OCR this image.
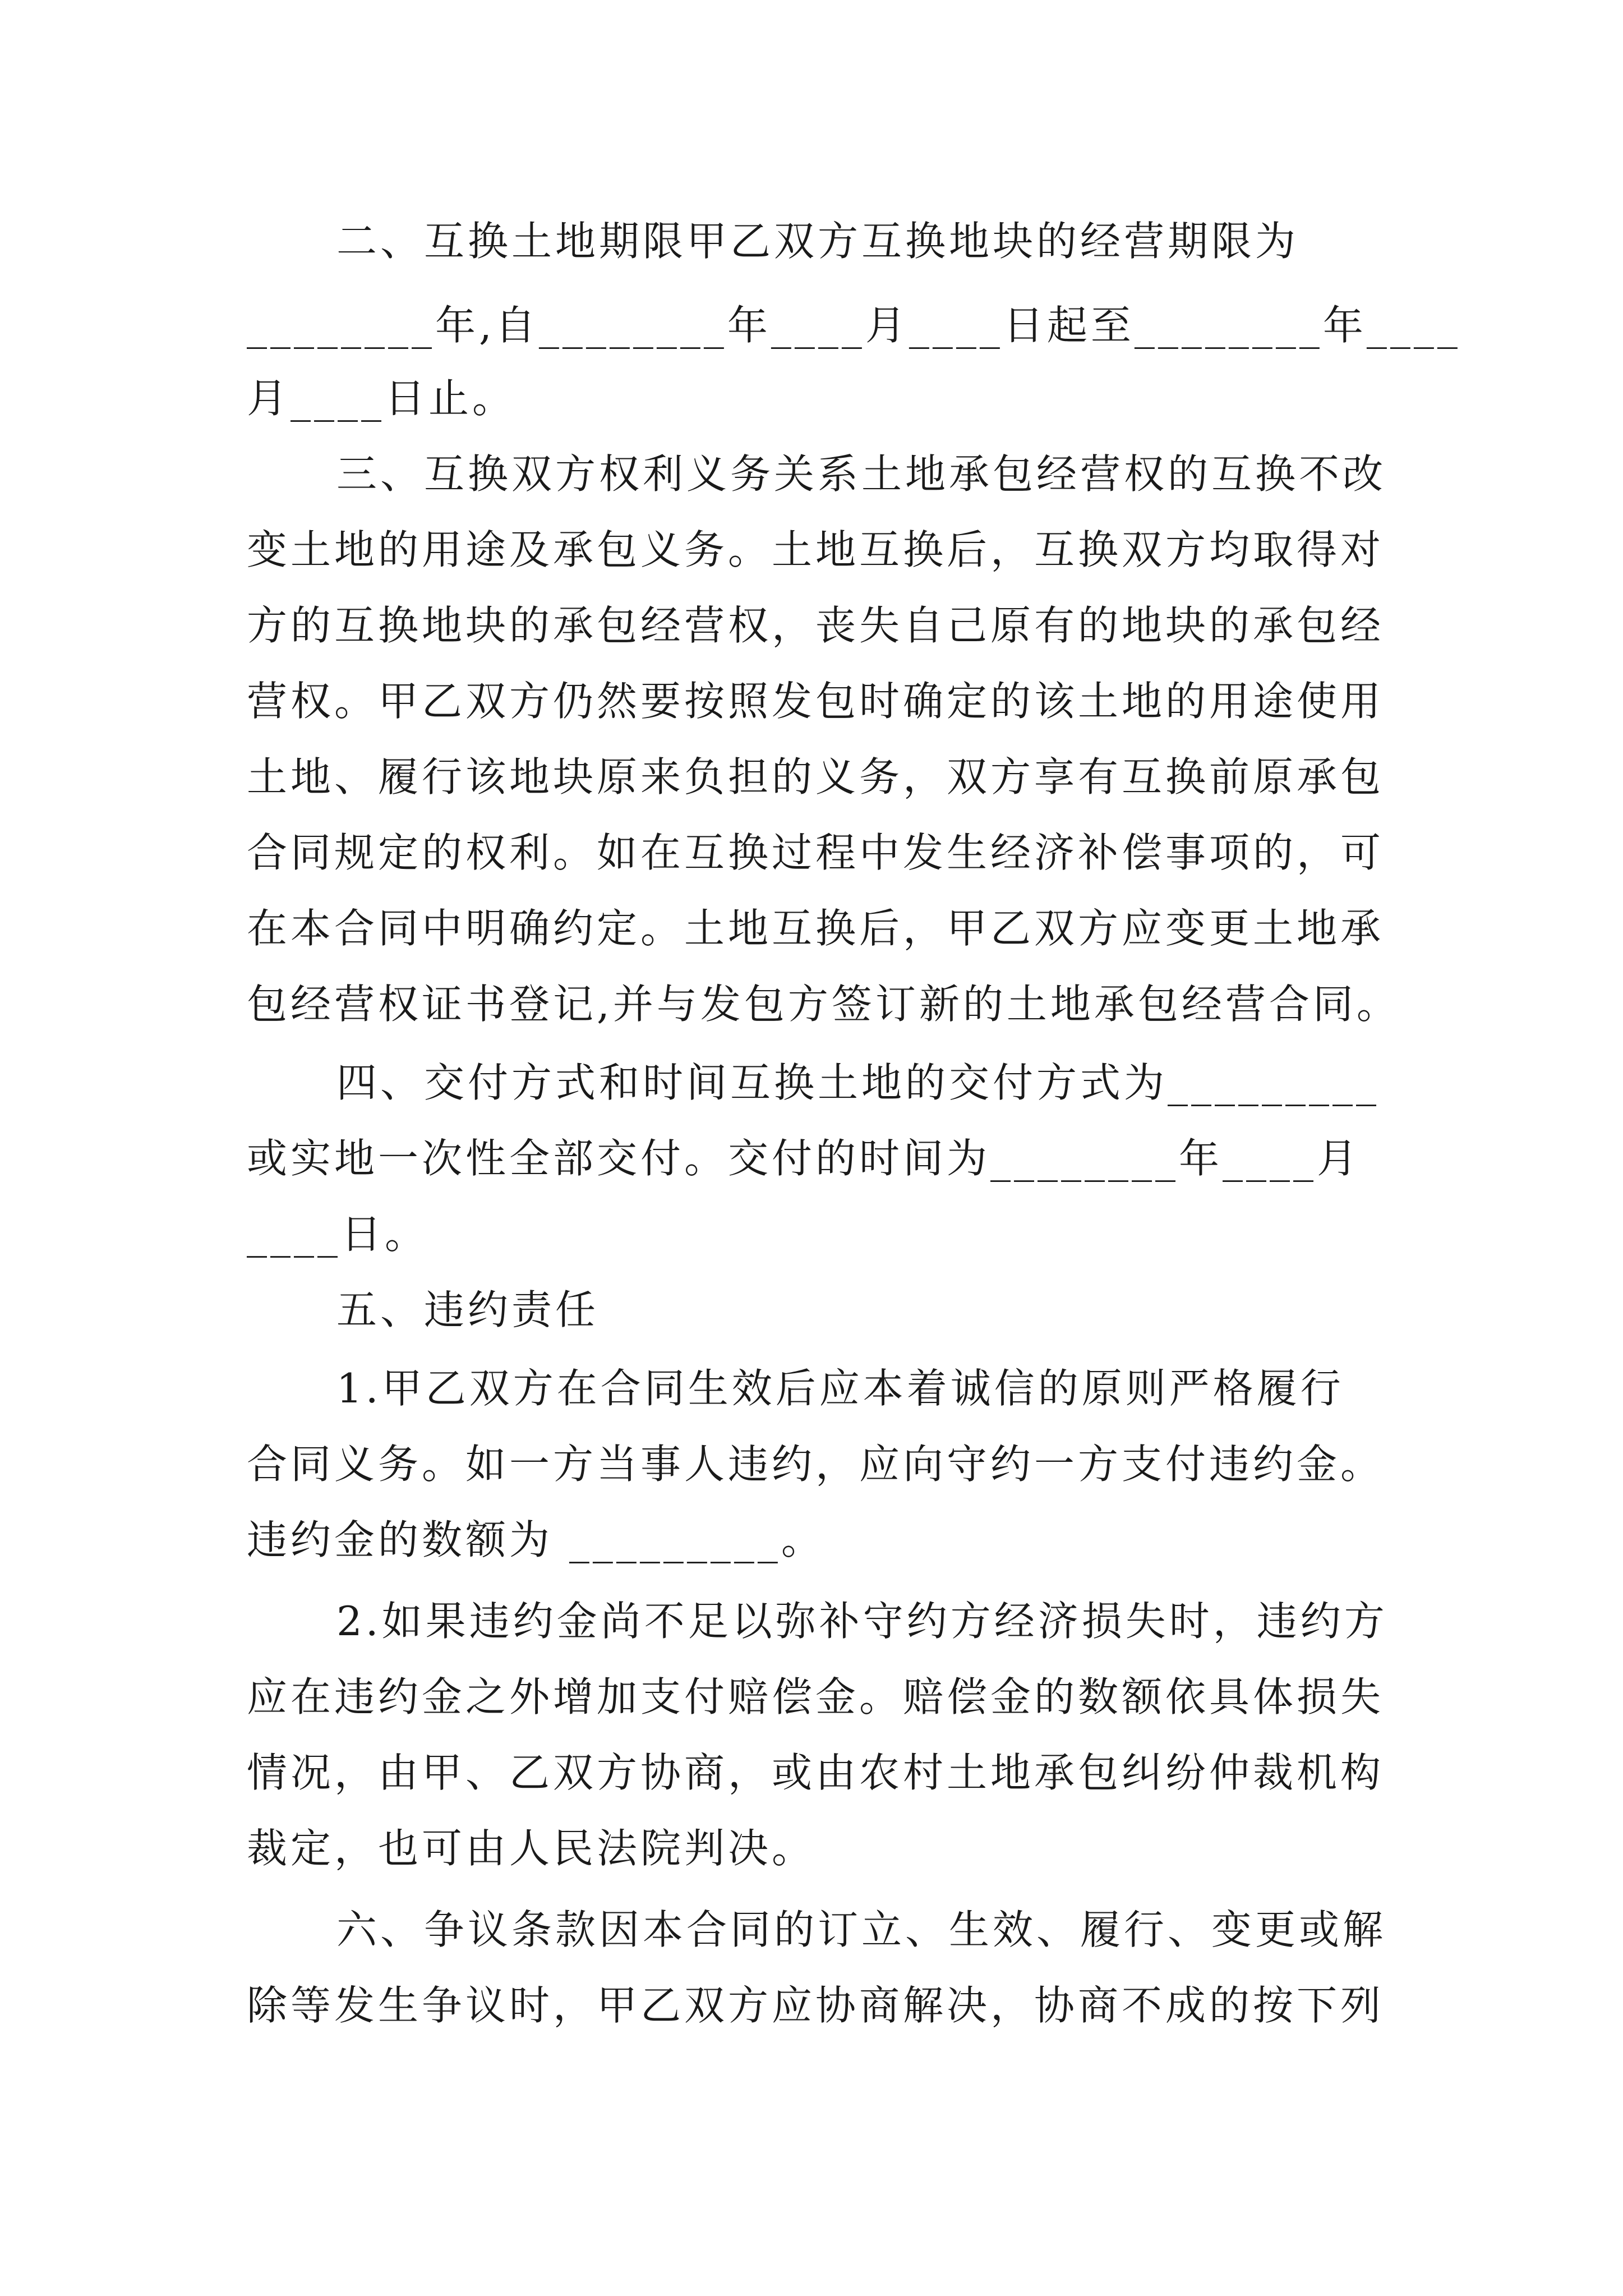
二、互换土地期限甲乙双方互换地块的经营期限为
________年,自________年____月____日起至________年____
月____日止。
三、互换双方权利义务关系土地承包经营权的互换不改
变土地的用途及承包义务。土地互换后，互换双方均取得对
方的互换地块的承包经营权，丧失自己原有的地块的承包经
营权。甲乙双方仍然要按照发包时确定的该土地的用途使用
土地、履行该地块原来负担的义务，双方享有互换前原承包
合同规定的权利。如在互换过程中发生经济补偿事项的，可
在本合同中明确约定。土地互换后，甲乙双方应变更土地承
包经营权证书登记,并与发包方签订新的土地承包经营合同。
四、交付方式和时间互换土地的交付方式为_________
或实地一次性全部交付。交付的时间为________年____月
____日。
五、违约责任
1.甲乙双方在合同生效后应本着诚信的原则严格履行
合同义务。如一方当事人违约，应向守约一方支付违约金。
违约金的数额为 _________。
2.如果违约金尚不足以弥补守约方经济损失时，违约方
应在违约金之外增加支付赔偿金。赔偿金的数额依具体损失
情况，由甲、乙双方协商，或由农村土地承包纠纷仲裁机构
裁定，也可由人民法院判决。
六、争议条款因本合同的订立、生效、履行、变更或解
除等发生争议时，甲乙双方应协商解决，协商不成的按下列
